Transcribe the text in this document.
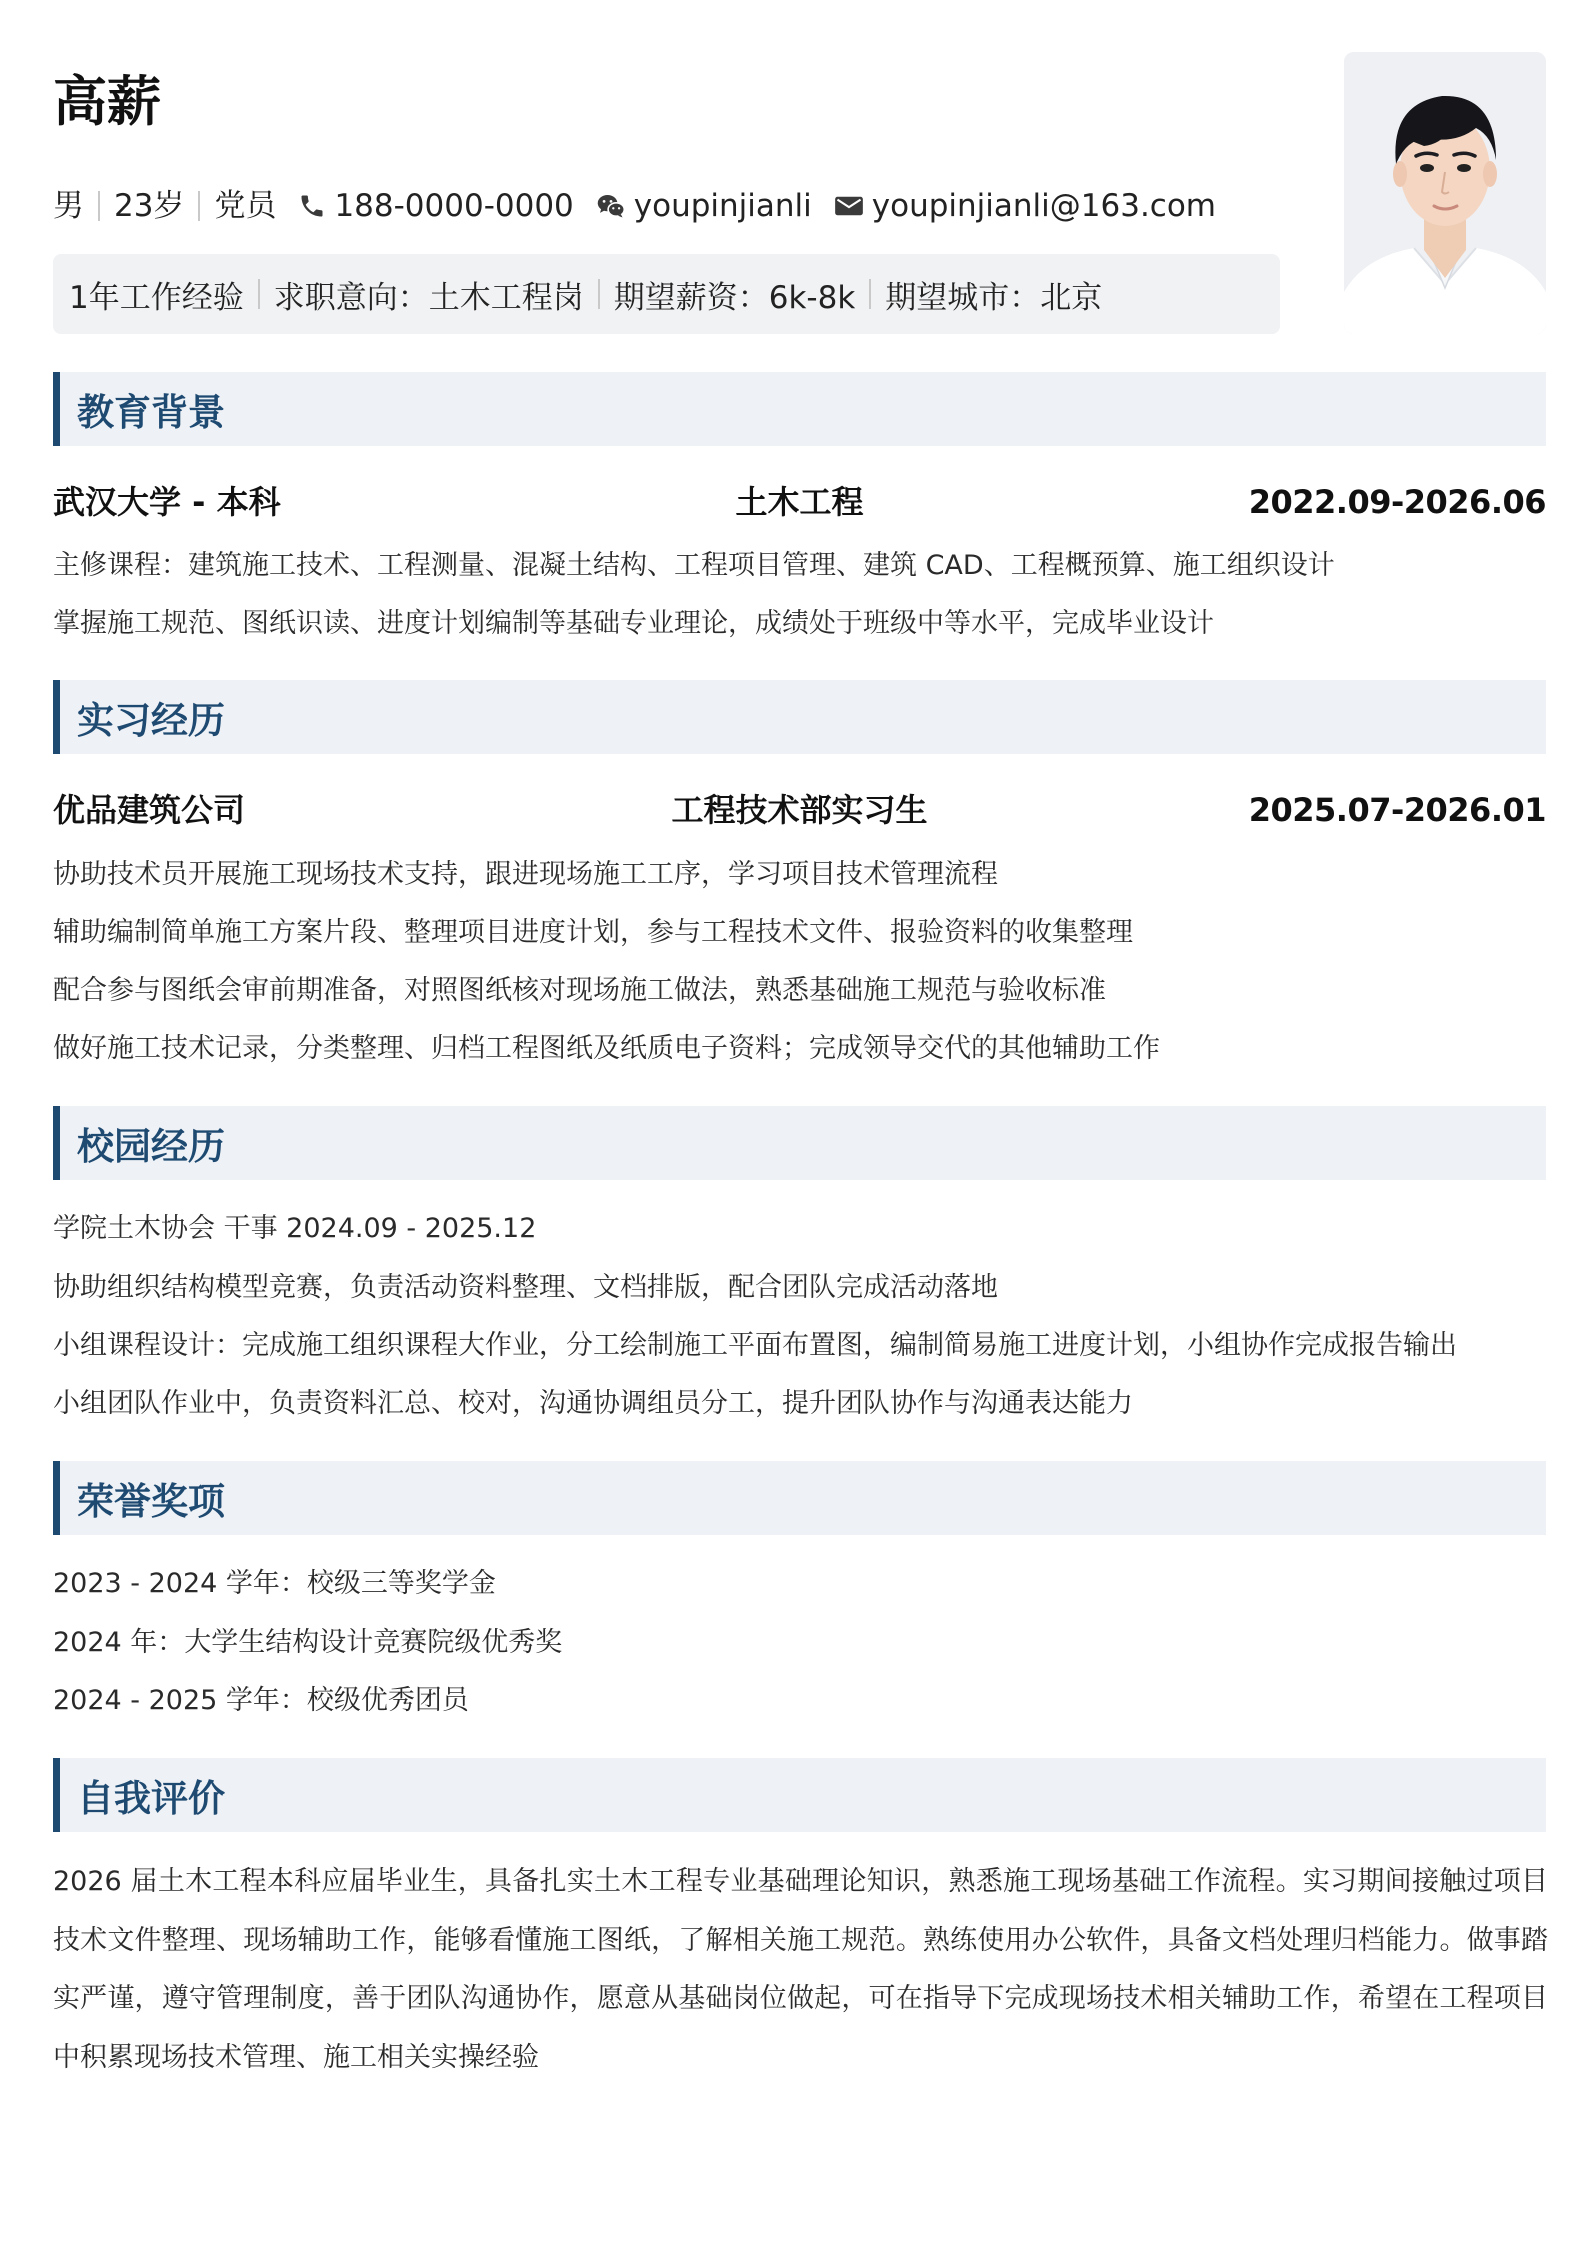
高薪
男 23岁 党员 188-0000-0000 youpinjianli youpinjianli@163.com
1年工作经验 求职意向：土木工程岗 期望薪资：6k-8k 期望城市：北京
教育背景
武汉大学 - 本科	土木工程	2022.09-2026.06
主修课程：建筑施工技术、工程测量、混凝土结构、工程项目管理、建筑 CAD、工程概预算、施工组织设计
掌握施工规范、图纸识读、进度计划编制等基础专业理论，成绩处于班级中等水平，完成毕业设计
实习经历
优品建筑公司	工程技术部实习生	2025.07-2026.01
协助技术员开展施工现场技术支持，跟进现场施工工序，学习项目技术管理流程
辅助编制简单施工方案片段、整理项目进度计划，参与工程技术文件、报验资料的收集整理
配合参与图纸会审前期准备，对照图纸核对现场施工做法，熟悉基础施工规范与验收标准
做好施工技术记录，分类整理、归档工程图纸及纸质电子资料；完成领导交代的其他辅助工作
校园经历
学院土木协会 干事 2024.09 - 2025.12
协助组织结构模型竞赛，负责活动资料整理、文档排版，配合团队完成活动落地
小组课程设计：完成施工组织课程大作业，分工绘制施工平面布置图，编制简易施工进度计划，小组协作完成报告输出
小组团队作业中，负责资料汇总、校对，沟通协调组员分工，提升团队协作与沟通表达能力
荣誉奖项
2023 - 2024 学年：校级三等奖学金
2024 年：大学生结构设计竞赛院级优秀奖
2024 - 2025 学年：校级优秀团员
自我评价
2026 届土木工程本科应届毕业生，具备扎实土木工程专业基础理论知识，熟悉施工现场基础工作流程。实习期间接触过项目技术文件整理、现场辅助工作，能够看懂施工图纸，了解相关施工规范。熟练使用办公软件，具备文档处理归档能力。做事踏实严谨，遵守管理制度，善于团队沟通协作，愿意从基础岗位做起，可在指导下完成现场技术相关辅助工作，希望在工程项目中积累现场技术管理、施工相关实操经验
